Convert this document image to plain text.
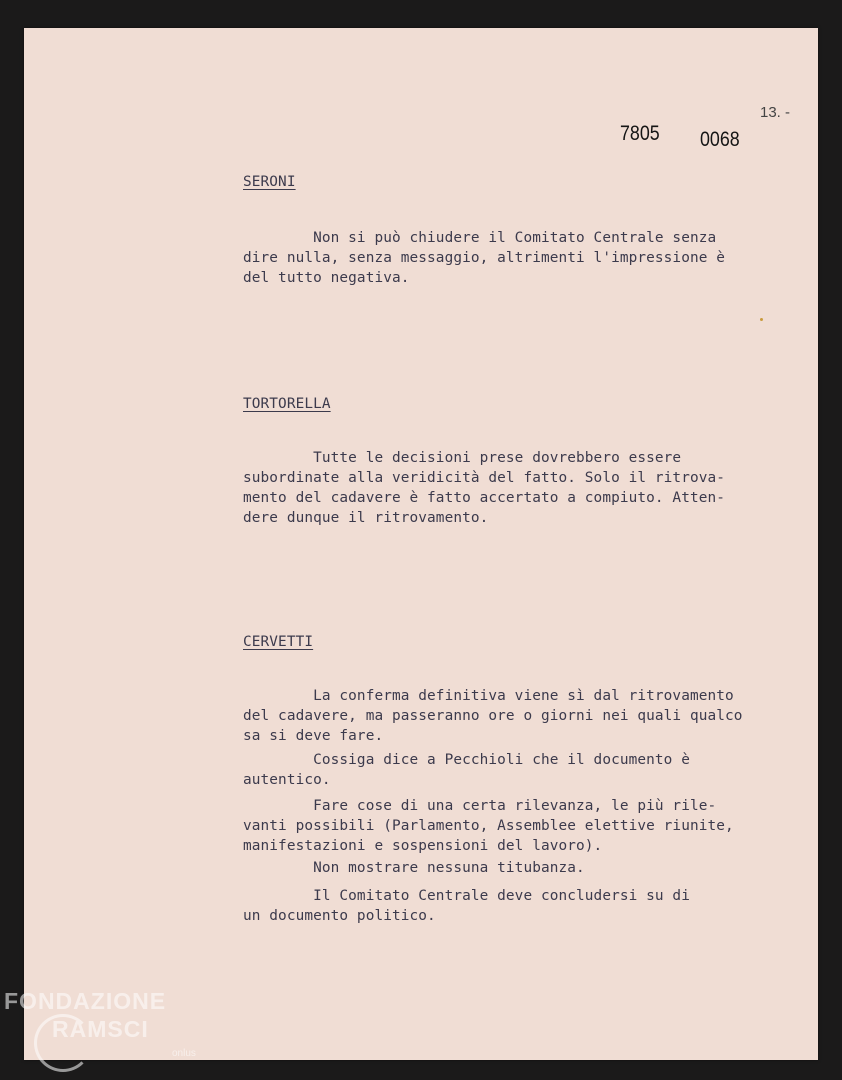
13. -
7805 0068
SERONI
Non si può chiudere il Comitato Centrale senza
dire nulla, senza messaggio, altrimenti l'impressione è
del tutto negativa.
TORTORELLA
Tutte le decisioni prese dovrebbero essere
subordinate alla veridicità del fatto. Solo il ritrova-
mento del cadavere è fatto accertato a compiuto. Atten-
dere dunque il ritrovamento.
CERVETTI
La conferma definitiva viene sì dal ritrovamento
del cadavere, ma passeranno ore o giorni nei quali qualco
sa si deve fare.
Cossiga dice a Pecchioli che il documento è
autentico.
Fare cose di una certa rilevanza, le più rile-
vanti possibili (Parlamento, Assemblee elettive riunite,
manifestazioni e sospensioni del lavoro).
Non mostrare nessuna titubanza.
Il Comitato Centrale deve concludersi su di
un documento politico.
FONDAZIONE
RAMSCI
onlus
